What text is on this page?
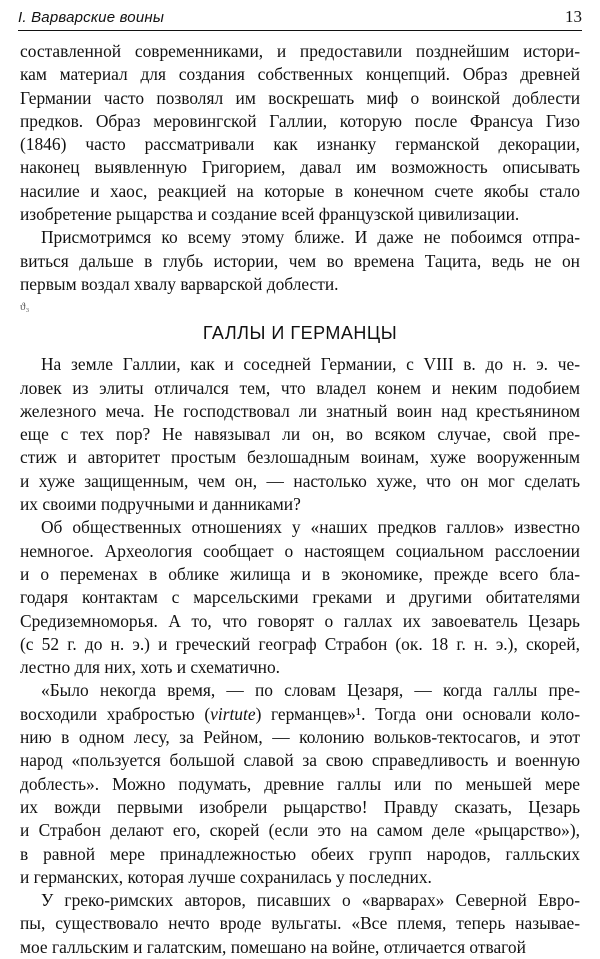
I. Варварские воины	13
составленной современниками, и предоставили позднейшим истори-
кам материал для создания собственных концепций. Образ древней
Германии часто позволял им воскрешать миф о воинской доблести
предков. Образ меровингской Галлии, которую после Франсуа Гизо
(1846) часто рассматривали как изнанку германской декорации,
наконец выявленную Григорием, давал им возможность описывать
насилие и хаос, реакцией на которые в конечном счете якобы стало
изобретение рыцарства и создание всей французской цивилизации.
Присмотримся ко всему этому ближе. И даже не побоимся отпра-
виться дальше в глубь истории, чем во времена Тацита, ведь не он
первым воздал хвалу варварской доблести.
ϑ₃
ГАЛЛЫ И ГЕРМАНЦЫ
На земле Галлии, как и соседней Германии, с VIII в. до н. э. че-
ловек из элиты отличался тем, что владел конем и неким подобием
железного меча. Не господствовал ли знатный воин над крестьянином
еще с тех пор? Не навязывал ли он, во всяком случае, свой пре-
стиж и авторитет простым безлошадным воинам, хуже вооруженным
и хуже защищенным, чем он, — настолько хуже, что он мог сделать
их своими подручными и данниками?
Об общественных отношениях у «наших предков галлов» известно
немногое. Археология сообщает о настоящем социальном расслоении
и о переменах в облике жилища и в экономике, прежде всего бла-
годаря контактам с марсельскими греками и другими обитателями
Средиземноморья. А то, что говорят о галлах их завоеватель Цезарь
(с 52 г. до н. э.) и греческий географ Страбон (ок. 18 г. н. э.), скорей,
лестно для них, хоть и схематично.
«Было некогда время, — по словам Цезаря, — когда галлы пре-
восходили храбростью (virtute) германцев»¹. Тогда они основали коло-
нию в одном лесу, за Рейном, — колонию вольков-тектосагов, и этот
народ «пользуется большой славой за свою справедливость и военную
доблесть». Можно подумать, древние галлы или по меньшей мере
их вожди первыми изобрели рыцарство! Правду сказать, Цезарь
и Страбон делают его, скорей (если это на самом деле «рыцарство»),
в равной мере принадлежностью обеих групп народов, галльских
и германских, которая лучше сохранилась у последних.
У греко-римских авторов, писавших о «варварах» Северной Евро-
пы, существовало нечто вроде вульгаты. «Все племя, теперь называе-
мое галльским и галатским, помешано на войне, отличается отвагой
